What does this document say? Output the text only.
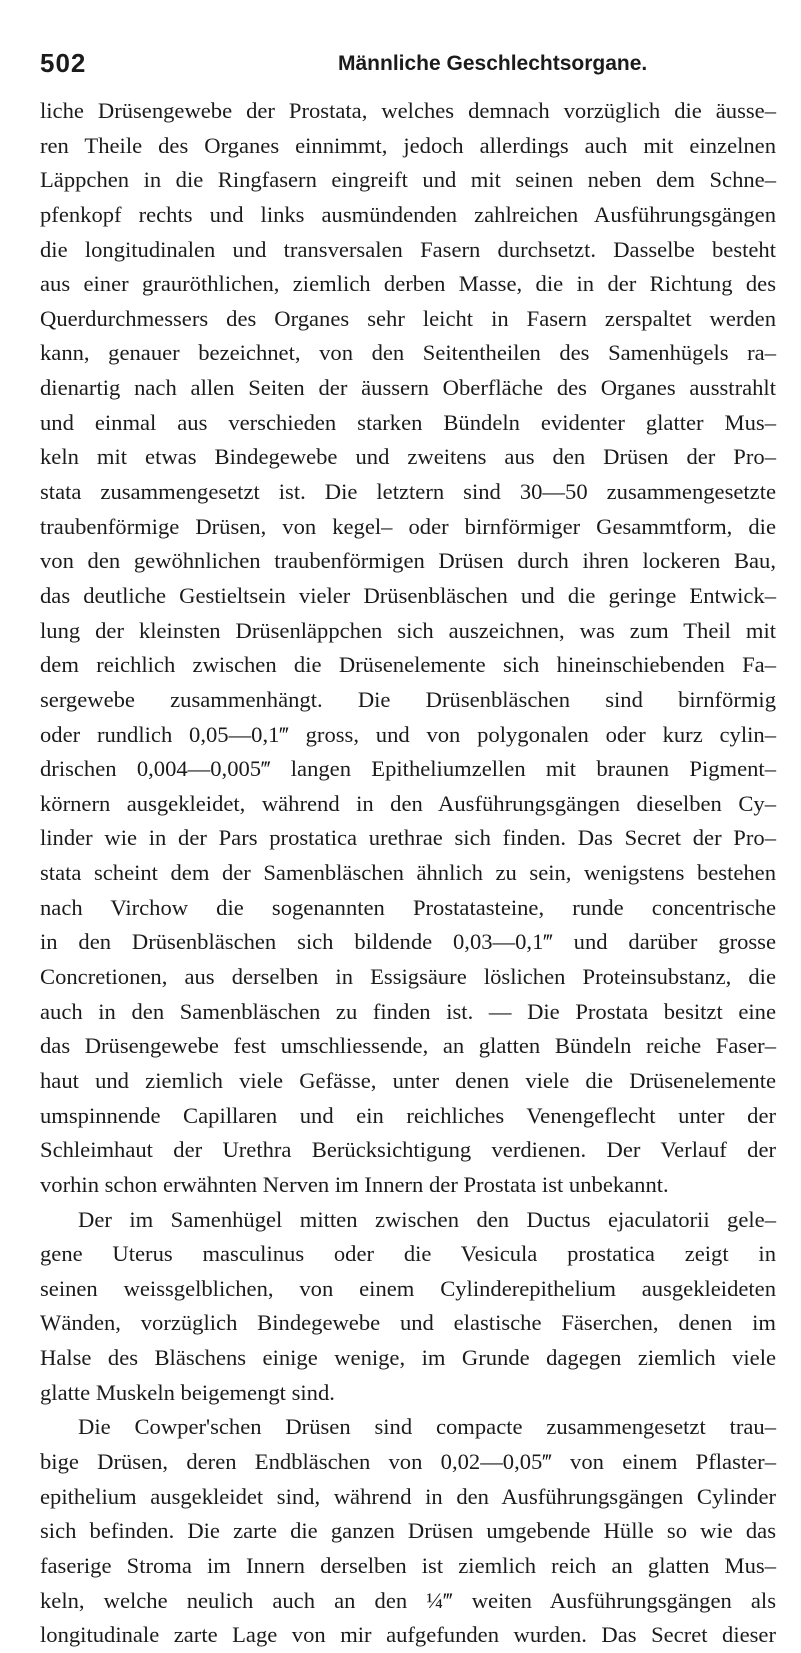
502	Männliche Geschlechtsorgane.
liche Drüsengewebe der Prostata, welches demnach vorzüglich die äusse–
ren Theile des Organes einnimmt, jedoch allerdings auch mit einzelnen
Läppchen in die Ringfasern eingreift und mit seinen neben dem Schne–
pfenkopf rechts und links ausmündenden zahlreichen Ausführungsgängen
die longitudinalen und transversalen Fasern durchsetzt. Dasselbe besteht
aus einer grauröthlichen, ziemlich derben Masse, die in der Richtung des
Querdurchmessers des Organes sehr leicht in Fasern zerspaltet werden
kann, genauer bezeichnet, von den Seitentheilen des Samenhügels ra–
dienartig nach allen Seiten der äussern Oberfläche des Organes ausstrahlt
und einmal aus verschieden starken Bündeln evidenter glatter Mus–
keln mit etwas Bindegewebe und zweitens aus den Drüsen der Pro–
stata zusammengesetzt ist. Die letztern sind 30—50 zusammengesetzte
traubenförmige Drüsen, von kegel– oder birnförmiger Gesammtform, die
von den gewöhnlichen traubenförmigen Drüsen durch ihren lockeren Bau,
das deutliche Gestieltsein vieler Drüsenbläschen und die geringe Entwick–
lung der kleinsten Drüsenläppchen sich auszeichnen, was zum Theil mit
dem reichlich zwischen die Drüsenelemente sich hineinschiebenden Fa–
sergewebe zusammenhängt. Die Drüsenbläschen sind birnförmig
oder rundlich 0,05—0,1‴ gross, und von polygonalen oder kurz cylin–
drischen 0,004—0,005‴ langen Epitheliumzellen mit braunen Pigment–
körnern ausgekleidet, während in den Ausführungsgängen dieselben Cy–
linder wie in der Pars prostatica urethrae sich finden. Das Secret der Pro–
stata scheint dem der Samenbläschen ähnlich zu sein, wenigstens bestehen
nach Virchow die sogenannten Prostatasteine, runde concentrische
in den Drüsenbläschen sich bildende 0,03—0,1‴ und darüber grosse
Concretionen, aus derselben in Essigsäure löslichen Proteinsubstanz, die
auch in den Samenbläschen zu finden ist. — Die Prostata besitzt eine
das Drüsengewebe fest umschliessende, an glatten Bündeln reiche Faser–
haut und ziemlich viele Gefässe, unter denen viele die Drüsenelemente
umspinnende Capillaren und ein reichliches Venengeflecht unter der
Schleimhaut der Urethra Berücksichtigung verdienen. Der Verlauf der
vorhin schon erwähnten Nerven im Innern der Prostata ist unbekannt.
Der im Samenhügel mitten zwischen den Ductus ejaculatorii gele–
gene Uterus masculinus oder die Vesicula prostatica zeigt in
seinen weissgelblichen, von einem Cylinderepithelium ausgekleideten
Wänden, vorzüglich Bindegewebe und elastische Fäserchen, denen im
Halse des Bläschens einige wenige, im Grunde dagegen ziemlich viele
glatte Muskeln beigemengt sind.
Die Cowper'schen Drüsen sind compacte zusammengesetzt trau–
bige Drüsen, deren Endbläschen von 0,02—0,05‴ von einem Pflaster–
epithelium ausgekleidet sind, während in den Ausführungsgängen Cylinder
sich befinden. Die zarte die ganzen Drüsen umgebende Hülle so wie das
faserige Stroma im Innern derselben ist ziemlich reich an glatten Mus–
keln, welche neulich auch an den ¼‴ weiten Ausführungsgängen als
longitudinale zarte Lage von mir aufgefunden wurden. Das Secret dieser
